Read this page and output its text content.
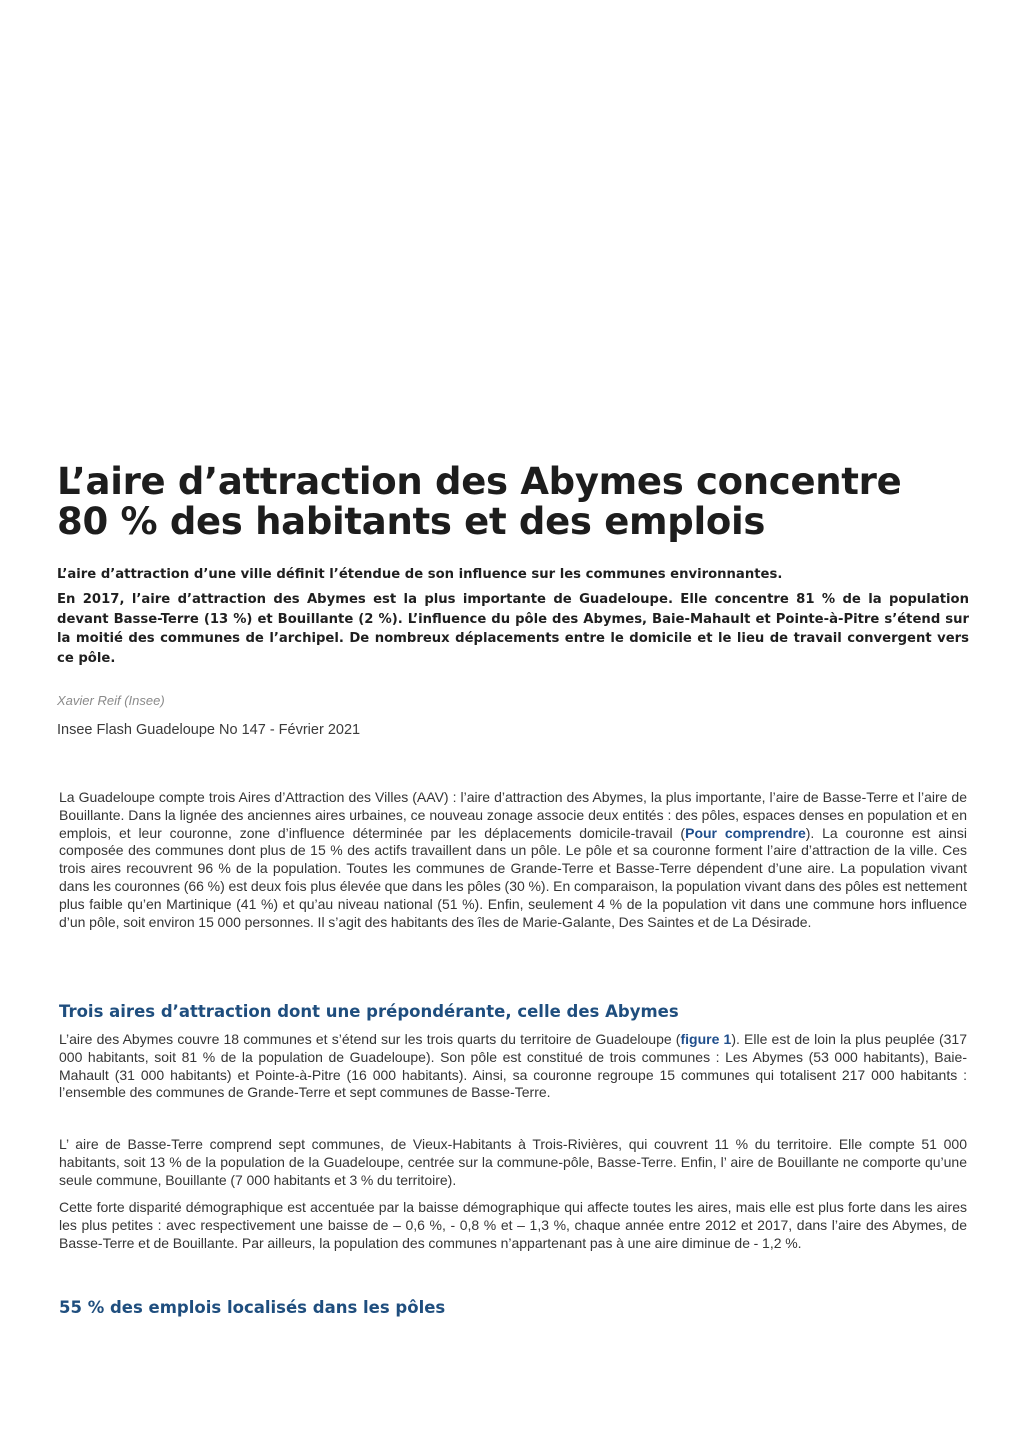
L’aire d’attraction des Abymes concentre
80 % des habitants et des emplois

L’aire d’attraction d’une ville définit l’étendue de son influence sur les communes environnantes.

En 2017, l’aire d’attraction des Abymes est la plus importante de Guadeloupe. Elle concentre 81 % de la population devant Basse-Terre (13 %) et Bouillante (2 %). L’influence du pôle des Abymes, Baie-Mahault et Pointe-à-Pitre s’étend sur la moitié des communes de l’archipel. De nombreux déplacements entre le domicile et le lieu de travail convergent vers ce pôle.

Xavier Reif (Insee)

Insee Flash Guadeloupe No 147 - Février 2021

La Guadeloupe compte trois Aires d’Attraction des Villes (AAV) : l’aire d’attraction des Abymes, la plus importante, l’aire de Basse-Terre et l’aire de Bouillante. Dans la lignée des anciennes aires urbaines, ce nouveau zonage associe deux entités : des pôles, espaces denses en population et en emplois, et leur couronne, zone d’influence déterminée par les déplacements domicile-travail (Pour comprendre). La couronne est ainsi composée des communes dont plus de 15 % des actifs travaillent dans un pôle. Le pôle et sa couronne forment l’aire d’attraction de la ville. Ces trois aires recouvrent 96 % de la population. Toutes les communes de Grande-Terre et Basse-Terre dépendent d’une aire. La population vivant dans les couronnes (66 %) est deux fois plus élevée que dans les pôles (30 %). En comparaison, la population vivant dans des pôles est nettement plus faible qu’en Martinique (41 %) et qu’au niveau national (51 %). Enfin, seulement 4 % de la population vit dans une commune hors influence d’un pôle, soit environ 15 000 personnes. Il s’agit des habitants des îles de Marie-Galante, Des Saintes et de La Désirade.

Trois aires d’attraction dont une prépondérante, celle des Abymes

L’aire des Abymes couvre 18 communes et s’étend sur les trois quarts du territoire de Guadeloupe (figure 1). Elle est de loin la plus peuplée (317 000 habitants, soit 81 % de la population de Guadeloupe). Son pôle est constitué de trois communes : Les Abymes (53 000 habitants), Baie-Mahault (31 000 habitants) et Pointe-à-Pitre (16 000 habitants). Ainsi, sa couronne regroupe 15 communes qui totalisent 217 000 habitants : l’ensemble des communes de Grande-Terre et sept communes de Basse-Terre.

L’ aire de Basse-Terre comprend sept communes, de Vieux-Habitants à Trois-Rivières, qui couvrent 11 % du territoire. Elle compte 51 000 habitants, soit 13 % de la population de la Guadeloupe, centrée sur la commune-pôle, Basse-Terre. Enfin, l’ aire de Bouillante ne comporte qu’une seule commune, Bouillante (7 000 habitants et 3 % du territoire).

Cette forte disparité démographique est accentuée par la baisse démographique qui affecte toutes les aires, mais elle est plus forte dans les aires les plus petites : avec respectivement une baisse de – 0,6 %, - 0,8 % et – 1,3 %, chaque année entre 2012 et 2017, dans l’aire des Abymes, de Basse-Terre et de Bouillante. Par ailleurs, la population des communes n’appartenant pas à une aire diminue de - 1,2 %.

55 % des emplois localisés dans les pôles
